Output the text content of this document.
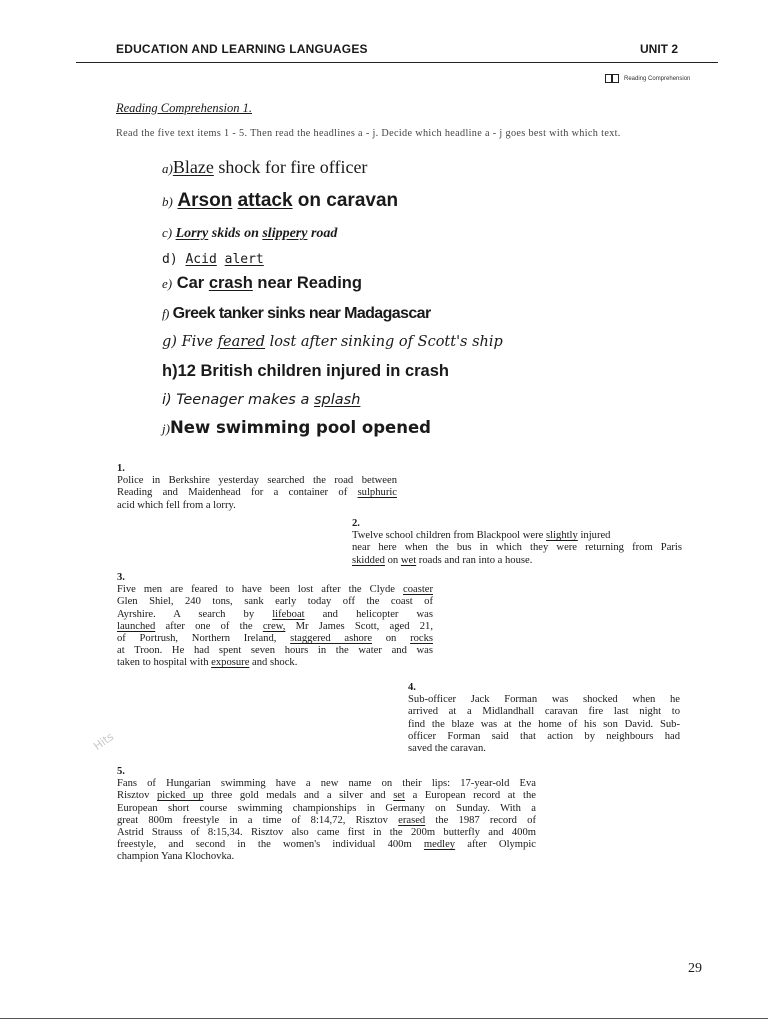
EDUCATION AND LEARNING LANGUAGES	UNIT 2
Reading Comprehension
Reading Comprehension 1.
Read the five text items 1 - 5. Then read the headlines a - j. Decide which headline a - j goes best with which text.
a)Blaze shock for fire officer
b) Arson attack on caravan
c) Lorry skids on slippery road
d) Acid alert
e) Car crash near Reading
f) Greek tanker sinks near Madagascar
g) Five feared lost after sinking of Scott's ship
h)12 British children injured in crash
i) Teenager makes a splash
j)New swimming pool opened
1.
Police in Berkshire yesterday searched the road between
Reading and Maidenhead for a container of sulphuric
acid which fell from a lorry.
2.
Twelve school children from Blackpool were slightly injured
near here when the bus in which they were returning from Paris
skidded on wet roads and ran into a house.
3.
Five men are feared to have been lost after the Clyde coaster
Glen Shiel, 240 tons, sank early today off the coast of
Ayrshire. A search by lifeboat and helicopter was
launched after one of the crew, Mr James Scott, aged 21,
of Portrush, Northern Ireland, staggered ashore on rocks
at Troon. He had spent seven hours in the water and was
taken to hospital with exposure and shock.
4.
Sub-officer Jack Forman was shocked when he
arrived at a Midlandhall caravan fire last night to
find the blaze was at the home of his son David. Sub-
officer Forman said that action by neighbours had
saved the caravan.
5.
Fans of Hungarian swimming have a new name on their lips: 17-year-old Eva
Risztov picked up three gold medals and a silver and set a European record at the
European short course swimming championships in Germany on Sunday. With a
great 800m freestyle in a time of 8:14,72, Risztov erased the 1987 record of
Astrid Strauss of 8:15,34. Risztov also came first in the 200m butterfly and 400m
freestyle, and second in the women's individual 400m medley after Olympic
champion Yana Klochovka.
Hits
29
